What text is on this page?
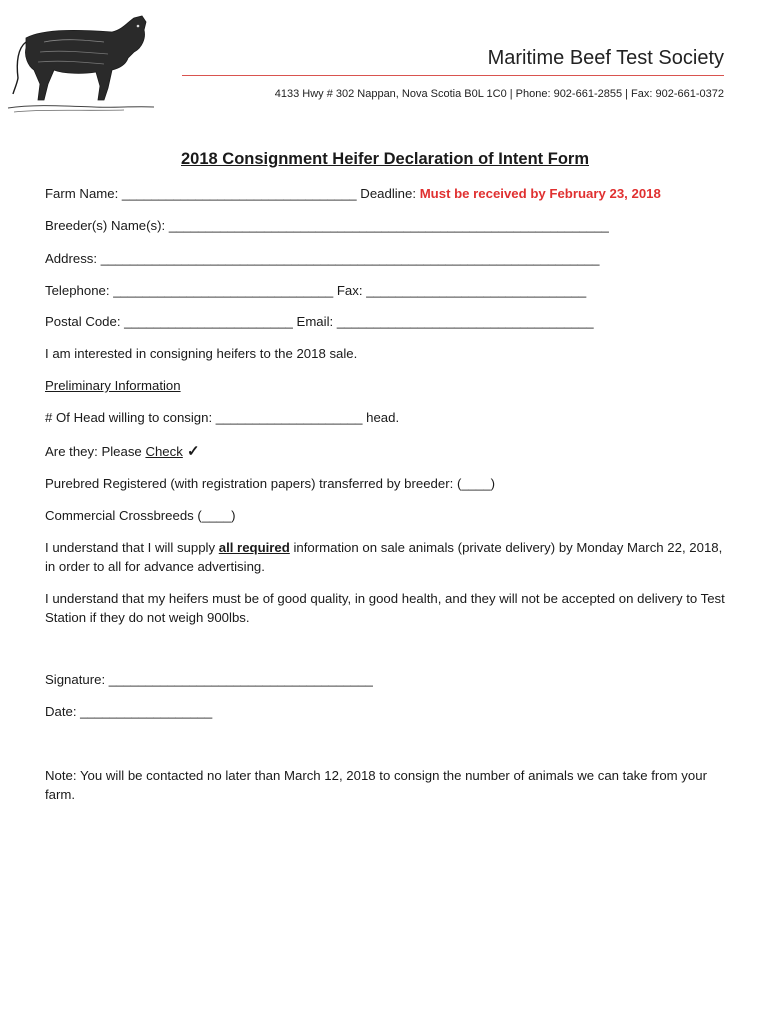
Maritime Beef Test Society
4133 Hwy # 302 Nappan, Nova Scotia B0L 1C0 | Phone: 902-661-2855 | Fax: 902-661-0372
2018 Consignment Heifer Declaration of Intent Form
Farm Name: ________________________________ Deadline: Must be received by February 23, 2018
Breeder(s) Name(s): ____________________________________________________________
Address: ____________________________________________________________________
Telephone: ______________________________ Fax: ______________________________
Postal Code: _______________________ Email: ___________________________________
I am interested in consigning heifers to the 2018 sale.
Preliminary Information
# Of Head willing to consign: ____________________ head.
Are they: Please Check ✓
Purebred Registered (with registration papers) transferred by breeder: (____)
Commercial Crossbreeds (____)
I understand that I will supply all required information on sale animals (private delivery) by Monday March 22, 2018, in order to all for advance advertising.
I understand that my heifers must be of good quality, in good health, and they will not be accepted on delivery to Test Station if they do not weigh 900lbs.
Signature: ____________________________________
Date: __________________
Note: You will be contacted no later than March 12, 2018 to consign the number of animals we can take from your farm.
